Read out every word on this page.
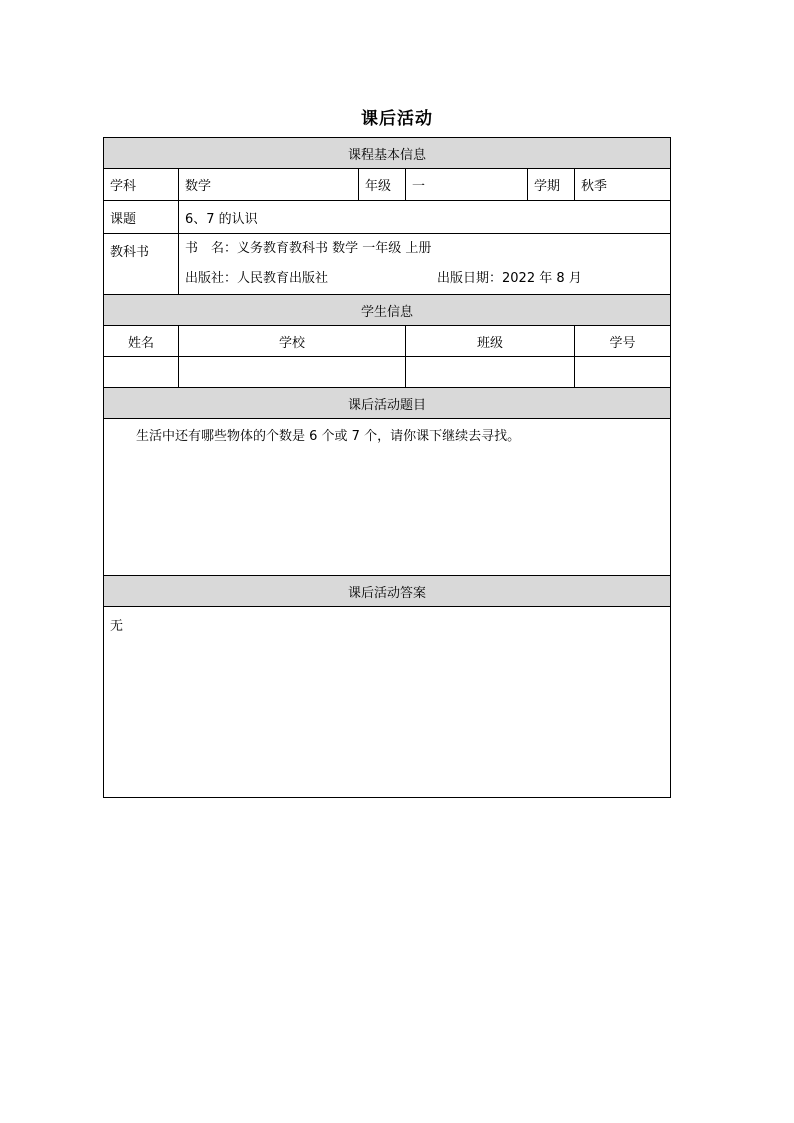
课后活动
课程基本信息					
学科	数学	年级	一	学期	秋季
课题	6、7 的认识				
教科书	书　名：义务教育教科书 数学 一年级 上册
出版社：人民教育出版社 出版日期：2022 年 8 月				

学生信息					
姓名	学校		班级		学号

课后活动题目					
生活中还有哪些物体的个数是 6 个或 7 个，请你课下继续去寻找。					
课后活动答案					
无					
